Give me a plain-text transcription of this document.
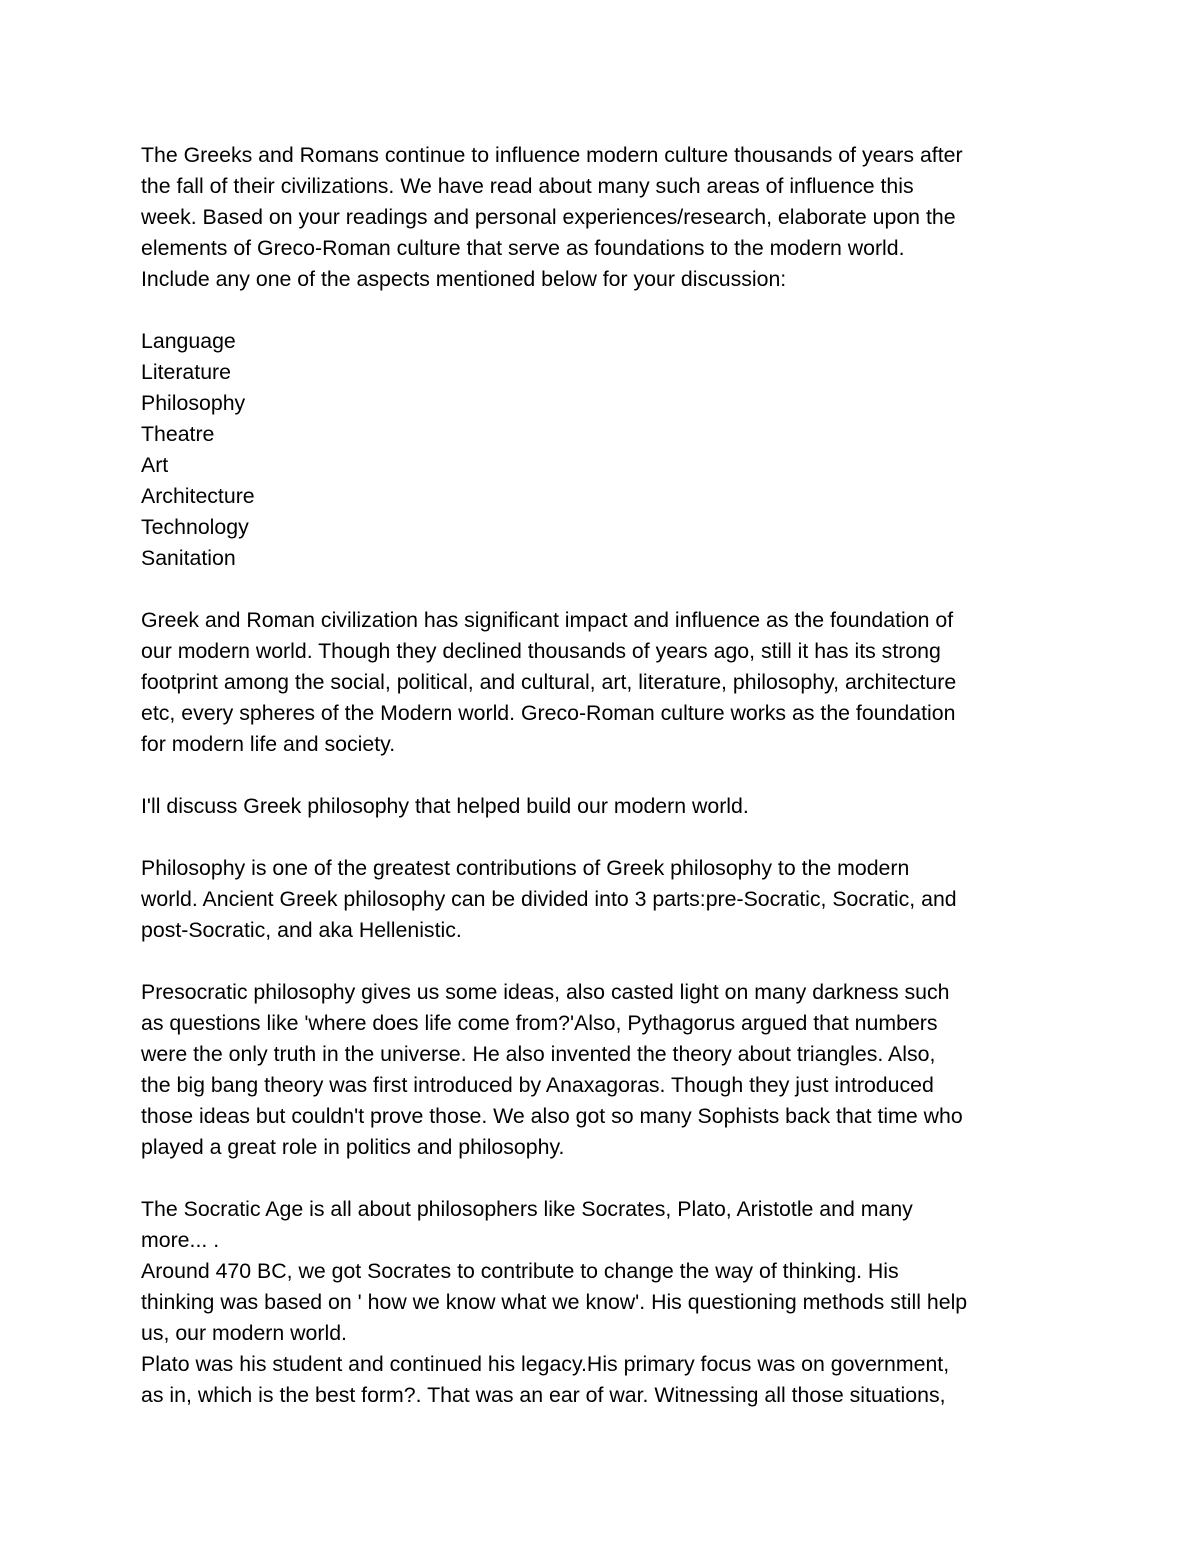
The Greeks and Romans continue to influence modern culture thousands of years after
the fall of their civilizations. We have read about many such areas of influence this
week. Based on your readings and personal experiences/research, elaborate upon the
elements of Greco-Roman culture that serve as foundations to the modern world.
Include any one of the aspects mentioned below for your discussion:
Language
Literature
Philosophy
Theatre
Art
Architecture
Technology
Sanitation
Greek and Roman civilization has significant impact and influence as the foundation of
our modern world. Though they declined thousands of years ago, still it has its strong
footprint among the social, political, and cultural, art, literature, philosophy, architecture
etc, every spheres of the Modern world. Greco-Roman culture works as the foundation
for modern life and society.
I'll discuss Greek philosophy that helped build our modern world.
Philosophy is one of the greatest contributions of Greek philosophy to the modern
world. Ancient Greek philosophy can be divided into 3 parts:pre-Socratic, Socratic, and
post-Socratic, and aka Hellenistic.
Presocratic philosophy gives us some ideas, also casted light on many darkness such
as questions like 'where does life come from?'Also, Pythagorus argued that numbers
were the only truth in the universe. He also invented the theory about triangles. Also,
the big bang theory was first introduced by Anaxagoras. Though they just introduced
those ideas but couldn't prove those. We also got so many Sophists back that time who
played a great role in politics and philosophy.
The Socratic Age is all about philosophers like Socrates, Plato, Aristotle and many
more... .
Around 470 BC, we got Socrates to contribute to change the way of thinking. His
thinking was based on ' how we know what we know'. His questioning methods still help
us, our modern world.
Plato was his student and continued his legacy.His primary focus was on government,
as in, which is the best form?. That was an ear of war. Witnessing all those situations,
